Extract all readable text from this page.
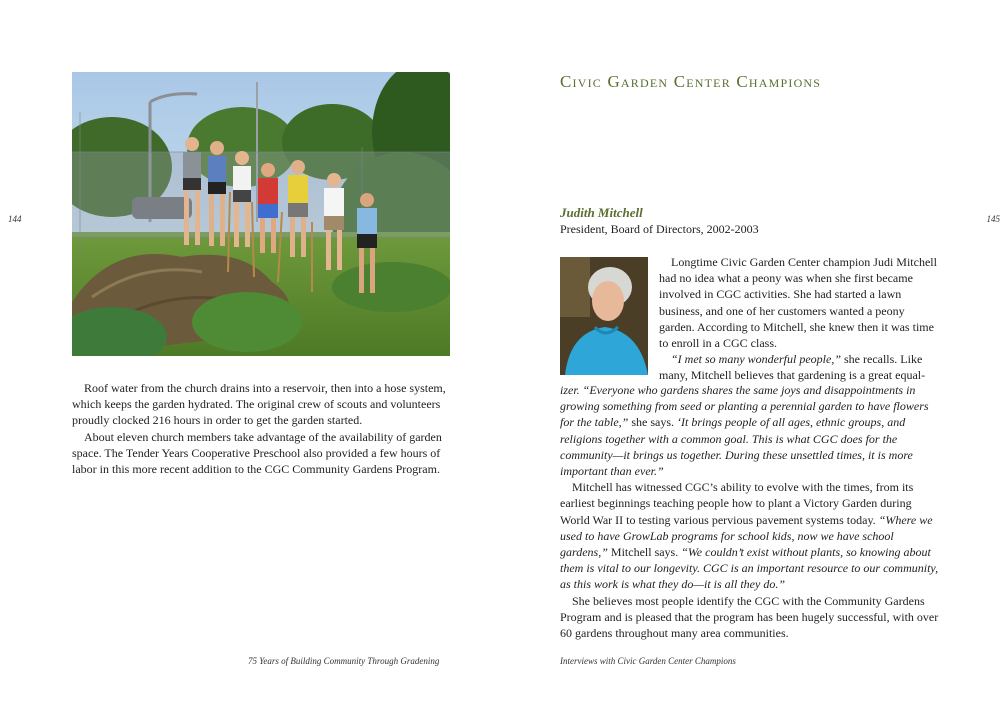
144

Roof water from the church drains into a reservoir, then into a hose system, which keeps the garden hydrated. The original crew of scouts and volunteers proudly clocked 216 hours in order to get the garden started.

About eleven church members take advantage of the availability of garden space. The Tender Years Cooperative Preschool also provided a few hours of labor in this more recent addition to the CGC Community Gardens Program.

75 Years of Building Community Through Gradening
145
Civic Garden Center Champions
Judith Mitchell
President, Board of Directors, 2002-2003

Longtime Civic Garden Center champion Judi Mitchell had no idea what a peony was when she first became involved in CGC activities. She had started a lawn business, and one of her customers wanted a peony garden. According to Mitchell, she knew then it was time to enroll in a CGC class.

“I met so many wonderful people,” she recalls. Like many, Mitchell believes that gardening is a great equal-

izer. “Everyone who gardens shares the same joys and disappointments in growing something from seed or planting a perennial garden to have flowers for the table,” she says. ‘It brings people of all ages, ethnic groups, and religions together with a common goal. This is what CGC does for the community—it brings us together. During these unsettled times, it is more important than ever.”

Mitchell has witnessed CGC’s ability to evolve with the times, from its earliest beginnings teaching people how to plant a Victory Garden during World War II to testing various pervious pavement systems today. “Where we used to have GrowLab programs for school kids, now we have school gardens,” Mitchell says. “We couldn’t exist without plants, so knowing about them is vital to our longevity. CGC is an important resource to our community, as this work is what they do—it is all they do.”

She believes most people identify the CGC with the Community Gardens Program and is pleased that the program has been hugely successful, with over 60 gardens throughout many area communities.

Interviews with Civic Garden Center Champions
